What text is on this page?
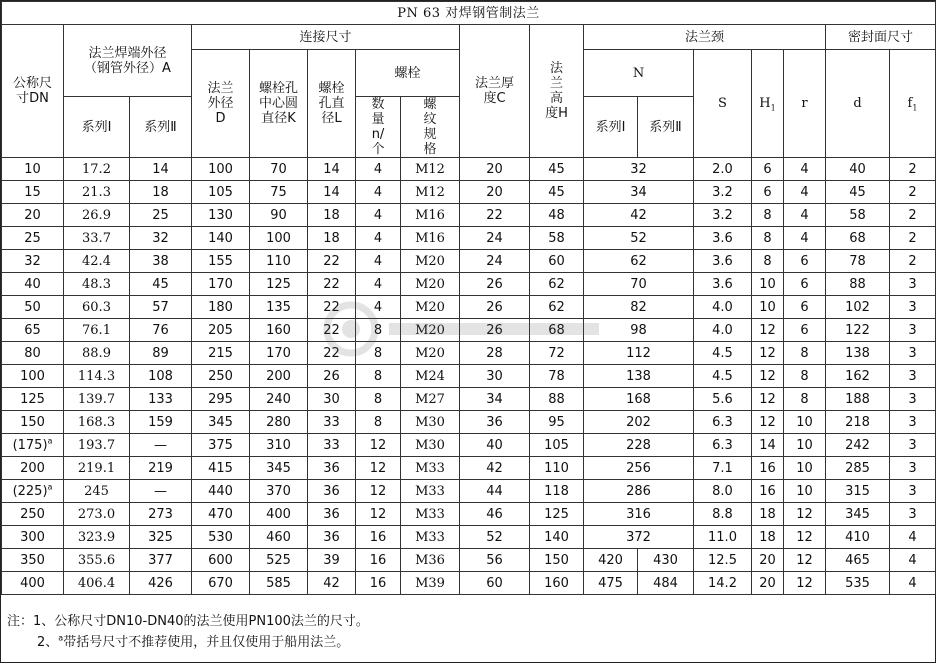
PN 63 对焊钢管制法兰																
公称尺寸DN	法兰焊端外径（钢管外径）A		连接尺寸					法兰厚度C	法兰高度H	法兰颈					密封面尺寸	
			法兰外径D	螺栓孔中心圆直径K	螺栓孔直径L	螺栓										
										N		S	$H_1$	r	d	$f_1$
	系列Ⅰ	系列Ⅱ				数量n/个	螺纹规格			系列Ⅰ	系列Ⅱ					
10	17.2	14	100	70	14	4	M12	20	45	32		2.0	6	4	40	2
15	21.3	18	105	75	14	4	M12	20	45	34		3.2	6	4	45	2
20	26.9	25	130	90	18	4	M16	22	48	42		3.2	8	4	58	2
25	33.7	32	140	100	18	4	M16	24	58	52		3.6	8	4	68	2
32	42.4	38	155	110	22	4	M20	24	60	62		3.6	8	6	78	2
40	48.3	45	170	125	22	4	M20	26	62	70		3.6	10	6	88	3
50	60.3	57	180	135	22	4	M20	26	62	82		4.0	10	6	102	3
65	76.1	76	205	160	22	8	M20	26	68	98		4.0	12	6	122	3
80	88.9	89	215	170	22	8	M20	28	72	112		4.5	12	8	138	3
100	114.3	108	250	200	26	8	M24	30	78	138		4.5	12	8	162	3
125	139.7	133	295	240	30	8	M27	34	88	168		5.6	12	8	188	3
150	168.3	159	345	280	33	8	M30	36	95	202		6.3	12	10	218	3
$(175)^a$	193.7	—	375	310	33	12	M30	40	105	228		6.3	14	10	242	3
200	219.1	219	415	345	36	12	M33	42	110	256		7.1	16	10	285	3
$(225)^a$	245	—	440	370	36	12	M33	44	118	286		8.0	16	10	315	3
250	273.0	273	470	400	36	12	M33	46	125	316		8.8	18	12	345	3
300	323.9	325	530	460	36	16	M33	52	140	372		11.0	18	12	410	4
350	355.6	377	600	525	39	16	M36	56	150	420	430	12.5	20	12	465	4
400	406.4	426	670	585	42	16	M39	60	160	475	484	14.2	20	12	535	4
注：1、公称尺寸DN10-DN40的法兰使用PN100法兰的尺寸。
2、$^a$带括号尺寸不推荐使用，并且仅使用于船用法兰。
